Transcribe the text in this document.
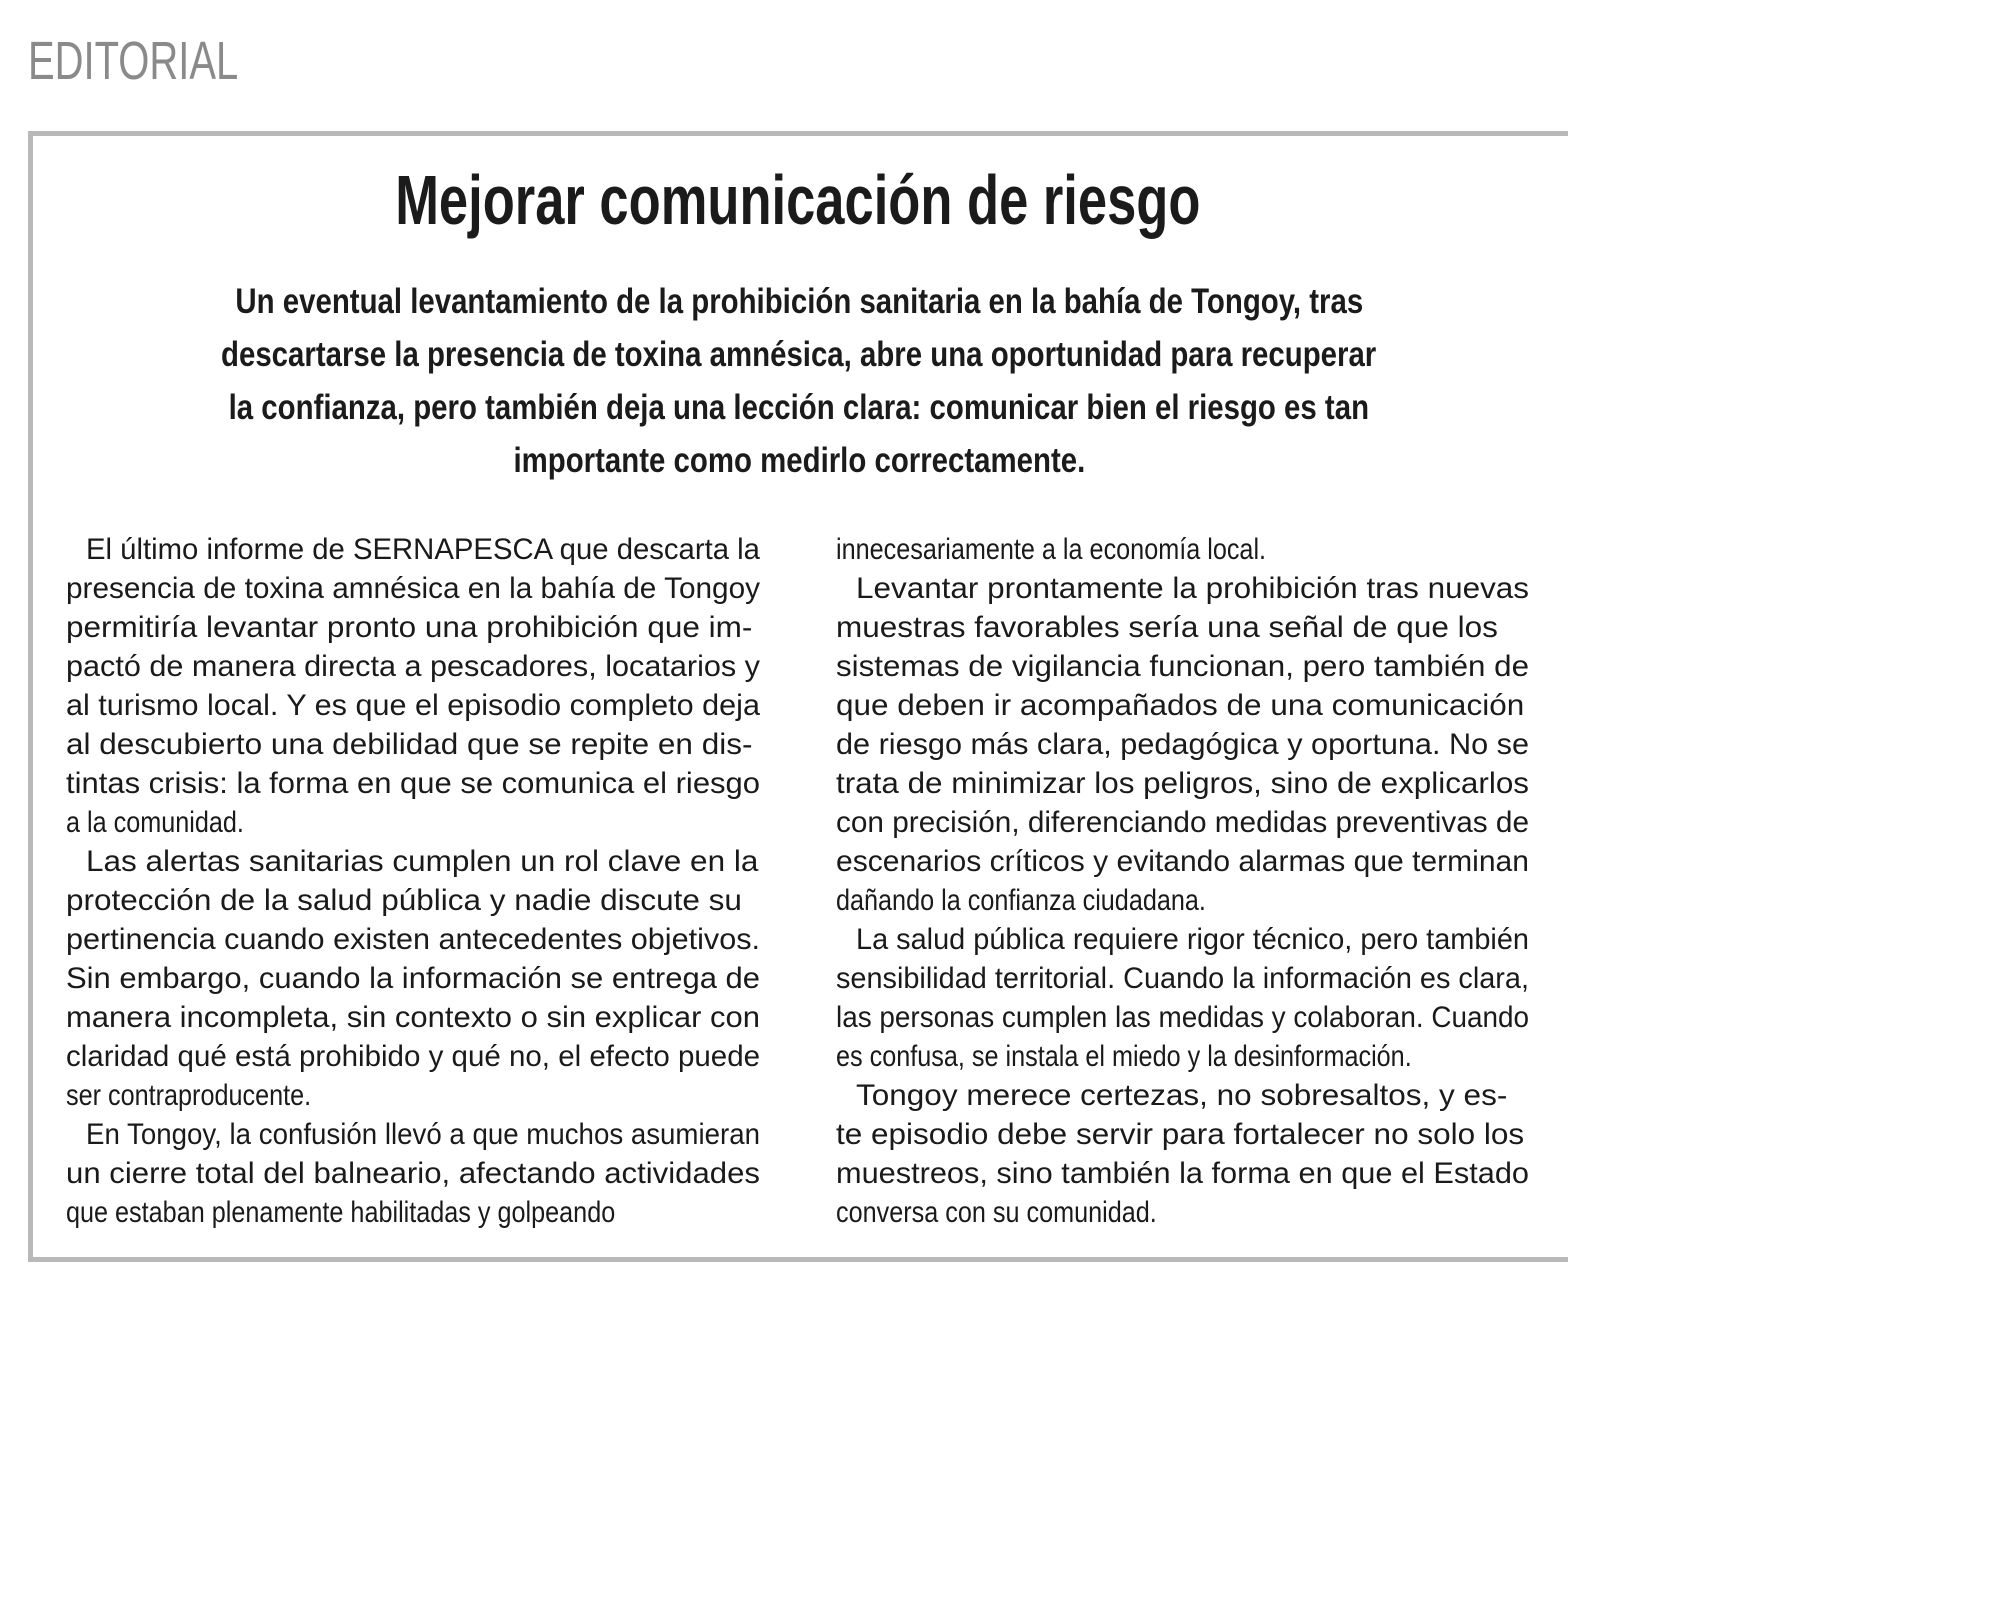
EDITORIAL
Mejorar comunicación de riesgo
Un eventual levantamiento de la prohibición sanitaria en la bahía de Tongoy, tras
descartarse la presencia de toxina amnésica, abre una oportunidad para recuperar
la confianza, pero también deja una lección clara: comunicar bien el riesgo es tan
importante como medirlo correctamente.
El último informe de SERNAPESCA que descarta la
presencia de toxina amnésica en la bahía de Tongoy
permitiría levantar pronto una prohibición que im-
pactó de manera directa a pescadores, locatarios y
al turismo local. Y es que el episodio completo deja
al descubierto una debilidad que se repite en dis-
tintas crisis: la forma en que se comunica el riesgo
a la comunidad.
Las alertas sanitarias cumplen un rol clave en la
protección de la salud pública y nadie discute su
pertinencia cuando existen antecedentes objetivos.
Sin embargo, cuando la información se entrega de
manera incompleta, sin contexto o sin explicar con
claridad qué está prohibido y qué no, el efecto puede
ser contraproducente.
En Tongoy, la confusión llevó a que muchos asumieran
un cierre total del balneario, afectando actividades
que estaban plenamente habilitadas y golpeando
innecesariamente a la economía local.
Levantar prontamente la prohibición tras nuevas
muestras favorables sería una señal de que los
sistemas de vigilancia funcionan, pero también de
que deben ir acompañados de una comunicación
de riesgo más clara, pedagógica y oportuna. No se
trata de minimizar los peligros, sino de explicarlos
con precisión, diferenciando medidas preventivas de
escenarios críticos y evitando alarmas que terminan
dañando la confianza ciudadana.
La salud pública requiere rigor técnico, pero también
sensibilidad territorial. Cuando la información es clara,
las personas cumplen las medidas y colaboran. Cuando
es confusa, se instala el miedo y la desinformación.
Tongoy merece certezas, no sobresaltos, y es-
te episodio debe servir para fortalecer no solo los
muestreos, sino también la forma en que el Estado
conversa con su comunidad.
